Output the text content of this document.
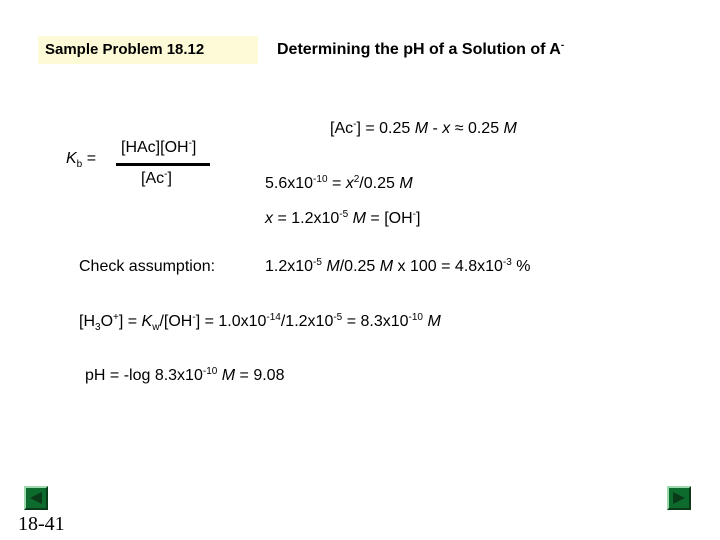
Sample Problem 18.12	Determining the pH of a Solution of A-
$K_b$ =
[HAc][OH-]
[Ac-]
[Ac-] = 0.25 M - x ≈ 0.25 M
$5.6x10^{-10} = x^2/0.25$ M
$x = 1.2x10^{-5}$ M = [OH-]
Check assumption:	$1.2x10^{-5}$ M/0.25 M x $100 = 4.8x10^{-3}$ %
$[H_3O^+] = K_w/[OH^-] = 1.0x10^{-14}/1.2x10^{-5} = 8.3x10^{-10}$ M
pH = -log $8.3x10^{-10}$ M = 9.08
18-41
